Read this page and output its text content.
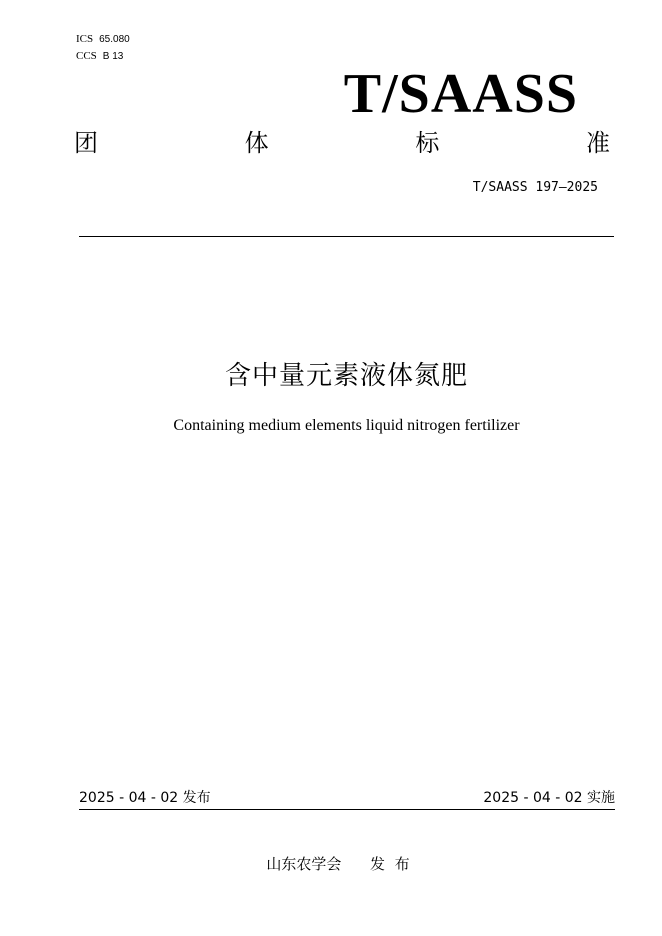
ICS 65.080
CCS B 13
T/SAASS
团	体	标	准
T/SAASS 197—2025
含中量元素液体氮肥
Containing medium elements liquid nitrogen fertilizer
2025 - 04 - 02 发布	2025 - 04 - 02 实施
山东农学会      发  布
